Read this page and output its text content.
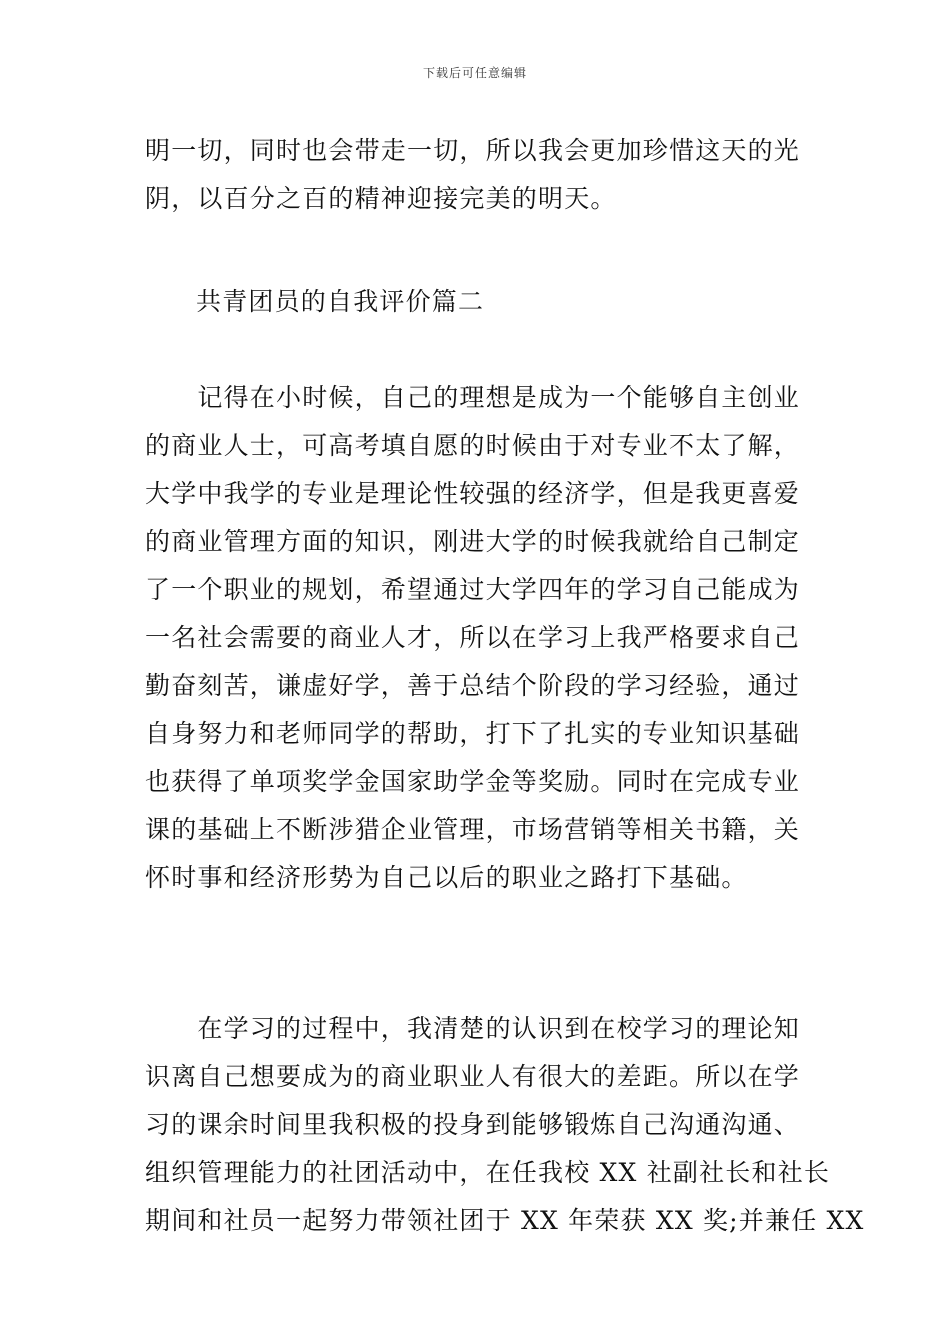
下载后可任意编辑
明一切，同时也会带走一切，所以我会更加珍惜这天的光
阴，以百分之百的精神迎接完美的明天。
共青团员的自我评价篇二
　　记得在小时候，自己的理想是成为一个能够自主创业
的商业人士，可高考填自愿的时候由于对专业不太了解，
大学中我学的专业是理论性较强的经济学，但是我更喜爱
的商业管理方面的知识，刚进大学的时候我就给自己制定
了一个职业的规划，希望通过大学四年的学习自己能成为
一名社会需要的商业人才，所以在学习上我严格要求自己
勤奋刻苦，谦虚好学，善于总结个阶段的学习经验，通过
自身努力和老师同学的帮助，打下了扎实的专业知识基础
也获得了单项奖学金国家助学金等奖励。同时在完成专业
课的基础上不断涉猎企业管理，市场营销等相关书籍，关
怀时事和经济形势为自己以后的职业之路打下基础。
　　在学习的过程中，我清楚的认识到在校学习的理论知
识离自己想要成为的商业职业人有很大的差距。所以在学
习的课余时间里我积极的投身到能够锻炼自己沟通沟通、
组织管理能力的社团活动中，在任我校 XX 社副社长和社长
期间和社员一起努力带领社团于 XX 年荣获 XX 奖;并兼任 XX
